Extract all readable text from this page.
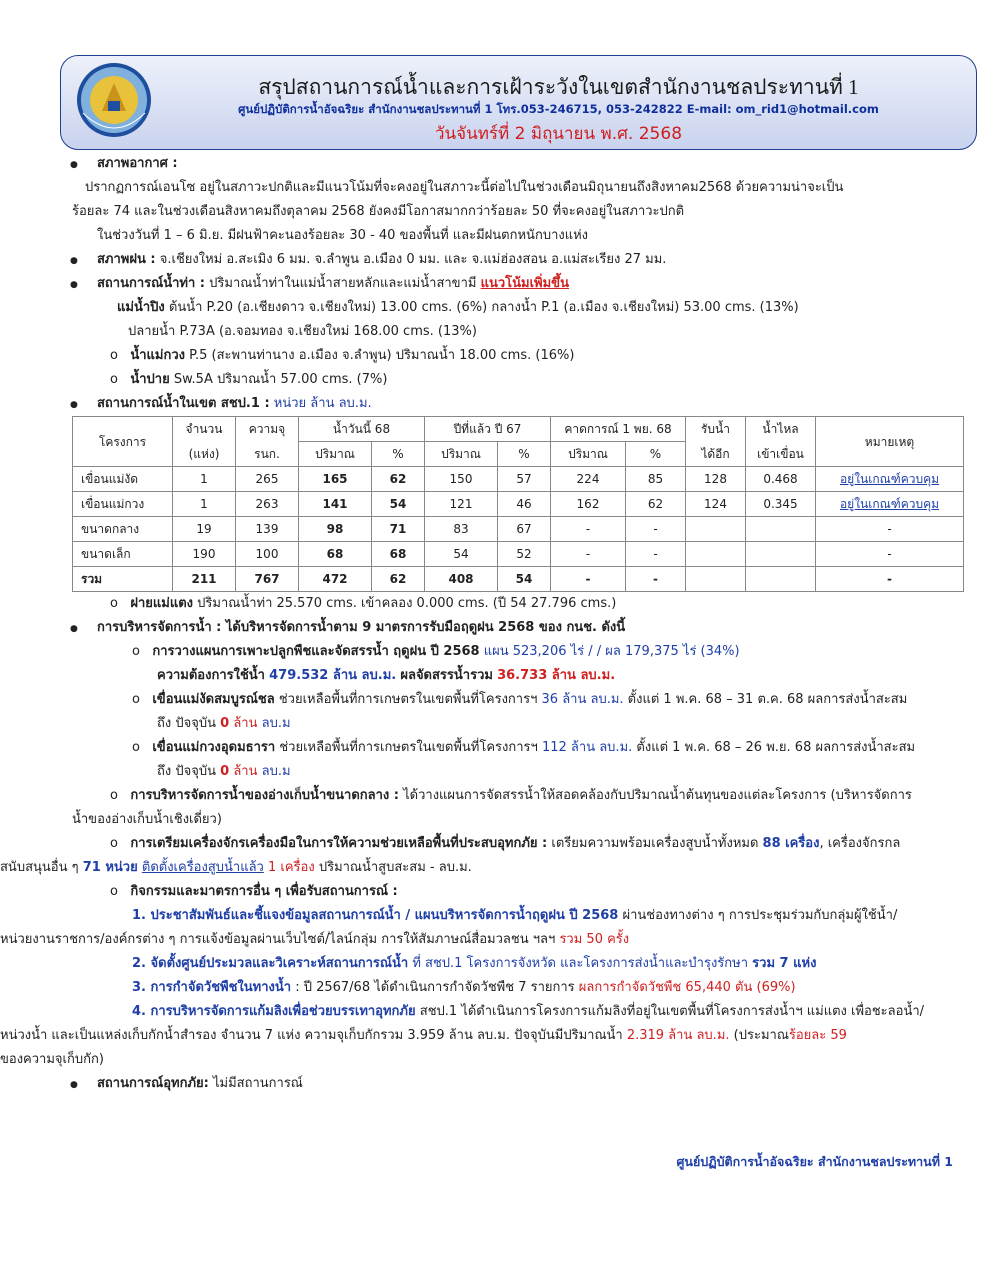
สรุปสถานการณ์น้ำและการเฝ้าระวังในเขตสำนักงานชลประทานที่ 1
ศูนย์ปฏิบัติการน้ำอัจฉริยะ สำนักงานชลประทานที่ 1 โทร.053-246715, 053-242822 E-mail: om_rid1@hotmail.com
วันจันทร์ที่ 2 มิถุนายน พ.ศ. 2568
●
สภาพอากาศ :
ปรากฏการณ์เอนโซ อยู่ในสภาวะปกติและมีแนวโน้มที่จะคงอยู่ในสภาวะนี้ต่อไปในช่วงเดือนมิถุนายนถึงสิงหาคม2568 ด้วยความน่าจะเป็น
ร้อยละ 74 และในช่วงเดือนสิงหาคมถึงตุลาคม 2568 ยังคงมีโอกาสมากกว่าร้อยละ 50 ที่จะคงอยู่ในสภาวะปกติ
ในช่วงวันที่ 1 – 6 มิ.ย. มีฝนฟ้าคะนองร้อยละ 30 - 40 ของพื้นที่ และมีฝนตกหนักบางแห่ง
●
สภาพฝน : จ.เชียงใหม่ อ.สะเมิง 6 มม. จ.ลำพูน อ.เมือง 0 มม. และ จ.แม่ฮ่องสอน อ.แม่สะเรียง 27 มม.
●
สถานการณ์น้ำท่า : ปริมาณน้ำท่าในแม่น้ำสายหลักและแม่น้ำสาขามี แนวโน้มเพิ่มขึ้น
แม่น้ำปิง ต้นน้ำ P.20 (อ.เชียงดาว จ.เชียงใหม่) 13.00 cms. (6%) กลางน้ำ P.1 (อ.เมือง จ.เชียงใหม่) 53.00 cms. (13%)
ปลายน้ำ P.73A (อ.จอมทอง จ.เชียงใหม่ 168.00 cms. (13%)
o   น้ำแม่กวง P.5 (สะพานท่านาง อ.เมือง จ.ลำพูน) ปริมาณน้ำ 18.00 cms. (16%)
o   น้ำปาย Sw.5A ปริมาณน้ำ 57.00 cms. (7%)
●
สถานการณ์น้ำในเขต สชป.1 : หน่วย ล้าน ลบ.ม.
โครงการ	จำนวน	ความจุ	น้ำวันนี้ 68		ปีที่แล้ว ปี 67		คาดการณ์ 1 พย. 68		รับน้ำ	น้ำไหล	หมายเหตุ
	(แห่ง)	รนก.	ปริมาณ	%	ปริมาณ	%	ปริมาณ	%	ได้อีก	เข้าเขื่อน	
เขื่อนแม่งัด	1	265	165	62	150	57	224	85	128	0.468	อยู่ในเกณฑ์ควบคุม
เขื่อนแม่กวง	1	263	141	54	121	46	162	62	124	0.345	อยู่ในเกณฑ์ควบคุม
ขนาดกลาง	19	139	98	71	83	67	-	-			-
ขนาดเล็ก	190	100	68	68	54	52	-	-			-
รวม	211	767	472	62	408	54	-	-			-
o   ฝายแม่แตง ปริมาณน้ำท่า 25.570 cms. เข้าคลอง 0.000 cms. (ปี 54 27.796 cms.)
●
การบริหารจัดการน้ำ : ได้บริหารจัดการน้ำตาม 9 มาตรการรับมือฤดูฝน 2568 ของ กนช. ดังนี้
o   การวางแผนการเพาะปลูกพืชและจัดสรรน้ำ ฤดูฝน ปี 2568 แผน 523,206 ไร่ / / ผล 179,375 ไร่ (34%)
ความต้องการใช้น้ำ 479.532 ล้าน ลบ.ม. ผลจัดสรรน้ำรวม 36.733 ล้าน ลบ.ม.
o   เขื่อนแม่งัดสมบูรณ์ชล ช่วยเหลือพื้นที่การเกษตรในเขตพื้นที่โครงการฯ 36 ล้าน ลบ.ม. ตั้งแต่ 1 พ.ค. 68 – 31 ต.ค. 68 ผลการส่งน้ำสะสม
ถึง ปัจจุบัน 0 ล้าน ลบ.ม
o   เขื่อนแม่กวงอุดมธารา ช่วยเหลือพื้นที่การเกษตรในเขตพื้นที่โครงการฯ 112 ล้าน ลบ.ม. ตั้งแต่ 1 พ.ค. 68 – 26 พ.ย. 68 ผลการส่งน้ำสะสม
ถึง ปัจจุบัน 0 ล้าน ลบ.ม
o   การบริหารจัดการน้ำของอ่างเก็บน้ำขนาดกลาง : ได้วางแผนการจัดสรรน้ำให้สอดคล้องกับปริมาณน้ำต้นทุนของแต่ละโครงการ (บริหารจัดการ
น้ำของอ่างเก็บน้ำเชิงเดี่ยว)
o   การเตรียมเครื่องจักรเครื่องมือในการให้ความช่วยเหลือพื้นที่ประสบอุทกภัย : เตรียมความพร้อมเครื่องสูบน้ำทั้งหมด 88 เครื่อง, เครื่องจักรกล
สนับสนุนอื่น ๆ 71 หน่วย ติดตั้งเครื่องสูบน้ำแล้ว 1 เครื่อง ปริมาณน้ำสูบสะสม - ลบ.ม.
o   กิจกรรมและมาตรการอื่น ๆ เพื่อรับสถานการณ์ :
1. ประชาสัมพันธ์และชี้แจงข้อมูลสถานการณ์น้ำ / แผนบริหารจัดการน้ำฤดูฝน ปี 2568 ผ่านช่องทางต่าง ๆ การประชุมร่วมกับกลุ่มผู้ใช้น้ำ/
หน่วยงานราชการ/องค์กรต่าง ๆ การแจ้งข้อมูลผ่านเว็บไซต์/ไลน์กลุ่ม การให้สัมภาษณ์สื่อมวลชน ฯลฯ รวม 50 ครั้ง
2. จัดตั้งศูนย์ประมวลและวิเคราะห์สถานการณ์น้ำ ที่ สชป.1 โครงการจังหวัด และโครงการส่งน้ำและบำรุงรักษา รวม 7 แห่ง
3. การกำจัดวัชพืชในทางน้ำ : ปี 2567/68 ได้ดำเนินการกำจัดวัชพืช 7 รายการ ผลการกำจัดวัชพืช 65,440 ตัน (69%)
4. การบริหารจัดการแก้มลิงเพื่อช่วยบรรเทาอุทกภัย สชป.1 ได้ดำเนินการโครงการแก้มลิงที่อยู่ในเขตพื้นที่โครงการส่งน้ำฯ แม่แตง เพื่อชะลอน้ำ/
หน่วงน้ำ และเป็นแหล่งเก็บกักน้ำสำรอง จำนวน 7 แห่ง ความจุเก็บกักรวม 3.959 ล้าน ลบ.ม. ปัจจุบันมีปริมาณน้ำ 2.319 ล้าน ลบ.ม. (ประมาณร้อยละ 59
ของความจุเก็บกัก)
●
สถานการณ์อุทกภัย: ไม่มีสถานการณ์
ศูนย์ปฏิบัติการน้ำอัจฉริยะ สำนักงานชลประทานที่ 1
